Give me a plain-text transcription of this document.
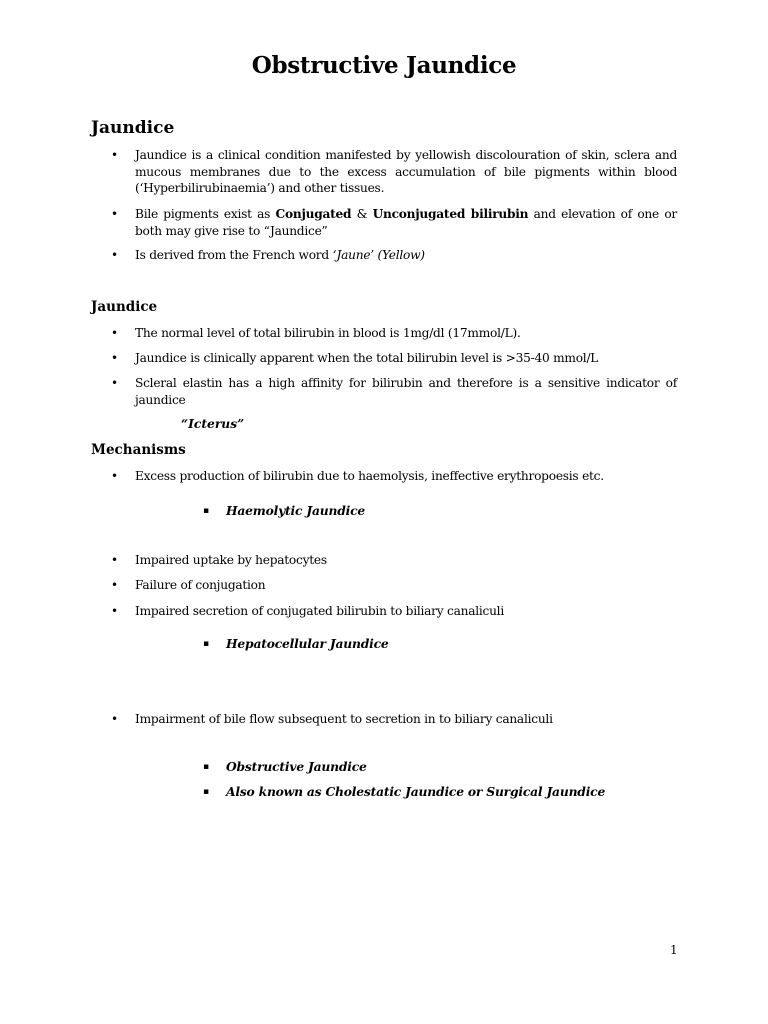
Obstructive Jaundice
Jaundice
• Jaundice is a clinical condition manifested by yellowish discolouration of skin, sclera and mucous membranes due to the excess accumulation of bile pigments within blood (‘Hyperbilirubinaemia’) and other tissues.
• Bile pigments exist as Conjugated & Unconjugated bilirubin and elevation of one or both may give rise to “Jaundice”
• Is derived from the French word ‘Jaune’ (Yellow)
Jaundice
• The normal level of total bilirubin in blood is 1mg/dl (17mmol/L).
• Jaundice is clinically apparent when the total bilirubin level is >35-40 mmol/L
• Scleral elastin has a high affinity for bilirubin and therefore is a sensitive indicator of jaundice
“Icterus”
Mechanisms
• Excess production of bilirubin due to haemolysis, ineffective erythropoesis etc.
▪ Haemolytic Jaundice
• Impaired uptake by hepatocytes
• Failure of conjugation
• Impaired secretion of conjugated bilirubin to biliary canaliculi
▪ Hepatocellular Jaundice
• Impairment of bile flow subsequent to secretion in to biliary canaliculi
▪ Obstructive Jaundice
▪ Also known as Cholestatic Jaundice or Surgical Jaundice
1
